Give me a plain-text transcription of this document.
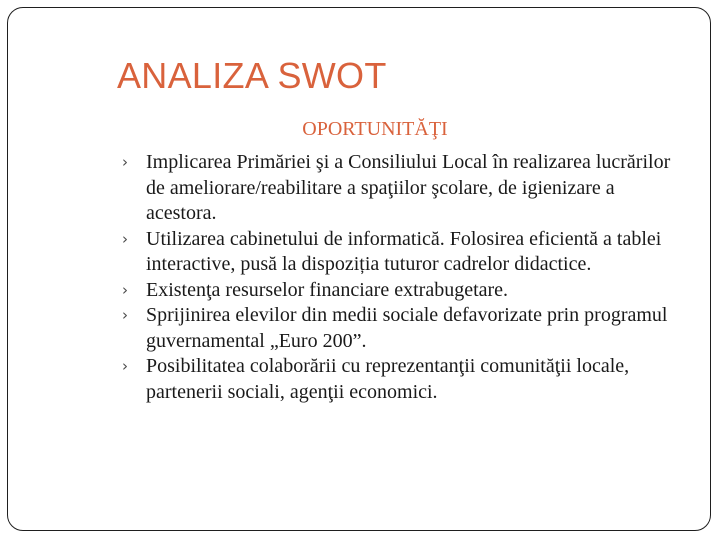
ANALIZA SWOT
OPORTUNITĂŢI
› Implicarea Primăriei şi a Consiliului Local în realizarea lucrărilor de ameliorare/reabilitare a spaţiilor şcolare, de igienizare a acestora.
› Utilizarea cabinetului de informatică. Folosirea eficientă a tablei interactive, pusă la dispoziția tuturor cadrelor didactice.
› Existenţa resurselor financiare extrabugetare.
› Sprijinirea elevilor din medii sociale defavorizate prin programul guvernamental „Euro 200”.
› Posibilitatea colaborării cu reprezentanţii comunităţii locale, partenerii sociali, agenţii economici.
